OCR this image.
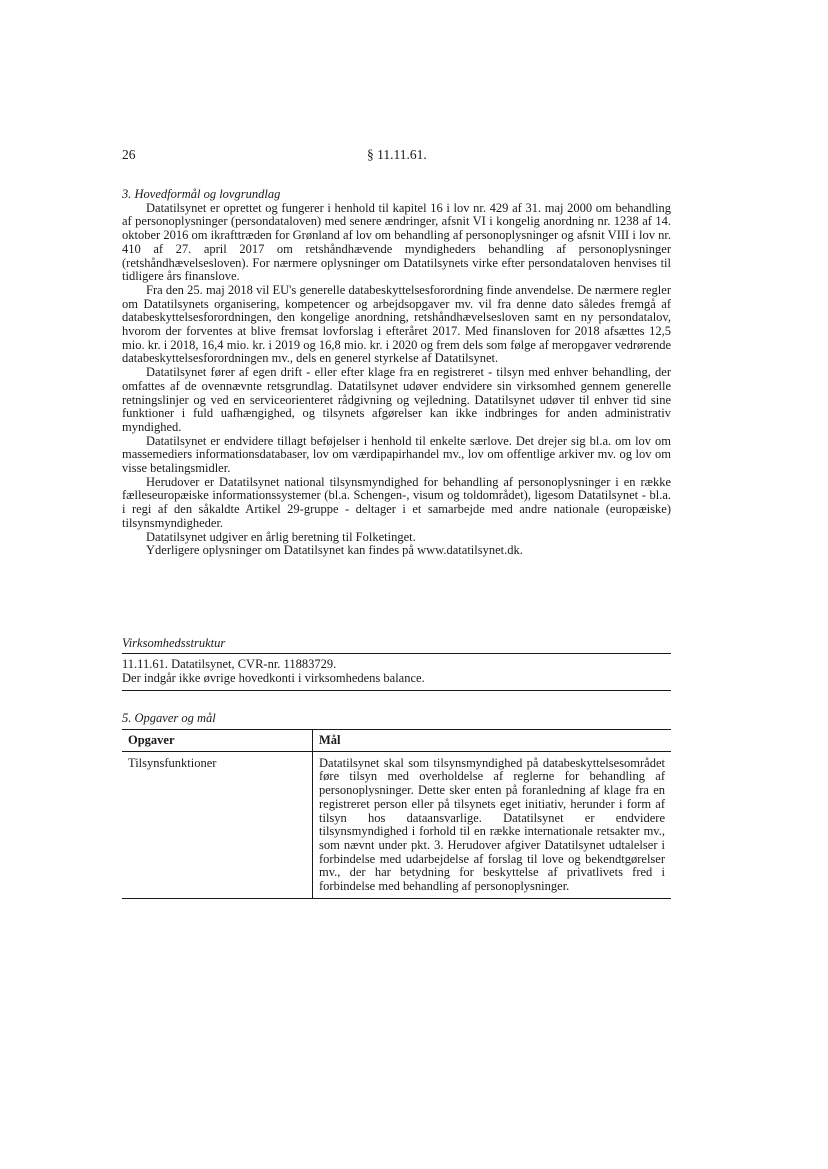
26	§ 11.11.61.

3. Hovedformål og lovgrundlag

Datatilsynet er oprettet og fungerer i henhold til kapitel 16 i lov nr. 429 af 31. maj 2000 om behandling af personoplysninger (persondataloven) med senere ændringer, afsnit VI i kongelig anordning nr. 1238 af 14. oktober 2016 om ikrafttræden for Grønland af lov om behandling af personoplysninger og afsnit VIII i lov nr. 410 af 27. april 2017 om retshåndhævende myndigheders behandling af personoplysninger (retshåndhævelsesloven). For nærmere oplysninger om Datatilsynets virke efter persondataloven henvises til tidligere års finanslove.

Fra den 25. maj 2018 vil EU's generelle databeskyttelsesforordning finde anvendelse. De nærmere regler om Datatilsynets organisering, kompetencer og arbejdsopgaver mv. vil fra denne dato således fremgå af databeskyttelsesforordningen, den kongelige anordning, retshåndhævelsesloven samt en ny persondatalov, hvorom der forventes at blive fremsat lovforslag i efteråret 2017. Med finansloven for 2018 afsættes 12,5 mio. kr. i 2018, 16,4 mio. kr. i 2019 og 16,8 mio. kr. i 2020 og frem dels som følge af meropgaver vedrørende databeskyttelsesforordningen mv., dels en generel styrkelse af Datatilsynet.

Datatilsynet fører af egen drift - eller efter klage fra en registreret - tilsyn med enhver behandling, der omfattes af de ovennævnte retsgrundlag. Datatilsynet udøver endvidere sin virksomhed gennem generelle retningslinjer og ved en serviceorienteret rådgivning og vejledning. Datatilsynet udøver til enhver tid sine funktioner i fuld uafhængighed, og tilsynets afgørelser kan ikke indbringes for anden administrativ myndighed.

Datatilsynet er endvidere tillagt beføjelser i henhold til enkelte særlove. Det drejer sig bl.a. om lov om massemediers informationsdatabaser, lov om værdipapirhandel mv., lov om offentlige arkiver mv. og lov om visse betalingsmidler.

Herudover er Datatilsynet national tilsynsmyndighed for behandling af personoplysninger i en række fælleseuropæiske informationssystemer (bl.a. Schengen-, visum og toldområdet), ligesom Datatilsynet - bl.a. i regi af den såkaldte Artikel 29-gruppe - deltager i et samarbejde med andre nationale (europæiske) tilsynsmyndigheder.

Datatilsynet udgiver en årlig beretning til Folketinget.

Yderligere oplysninger om Datatilsynet kan findes på www.datatilsynet.dk.

Virksomhedsstruktur
11.11.61. Datatilsynet, CVR-nr. 11883729.
Der indgår ikke øvrige hovedkonti i virksomhedens balance.
5. Opgaver og mål
Opgaver	Mål
Tilsynsfunktioner	Datatilsynet skal som tilsynsmyndighed på databeskyttelsesområdet føre tilsyn med overholdelse af reglerne for behandling af personoplysninger. Dette sker enten på foranledning af klage fra en registreret person eller på tilsynets eget initiativ, herunder i form af tilsyn hos dataansvarlige. Datatilsynet er endvidere tilsynsmyndighed i forhold til en række internationale retsakter mv., som nævnt under pkt. 3. Herudover afgiver Datatilsynet udtalelser i forbindelse med udarbejdelse af forslag til love og bekendtgørelser mv., der har betydning for beskyttelse af privatlivets fred i forbindelse med behandling af personoplysninger.
